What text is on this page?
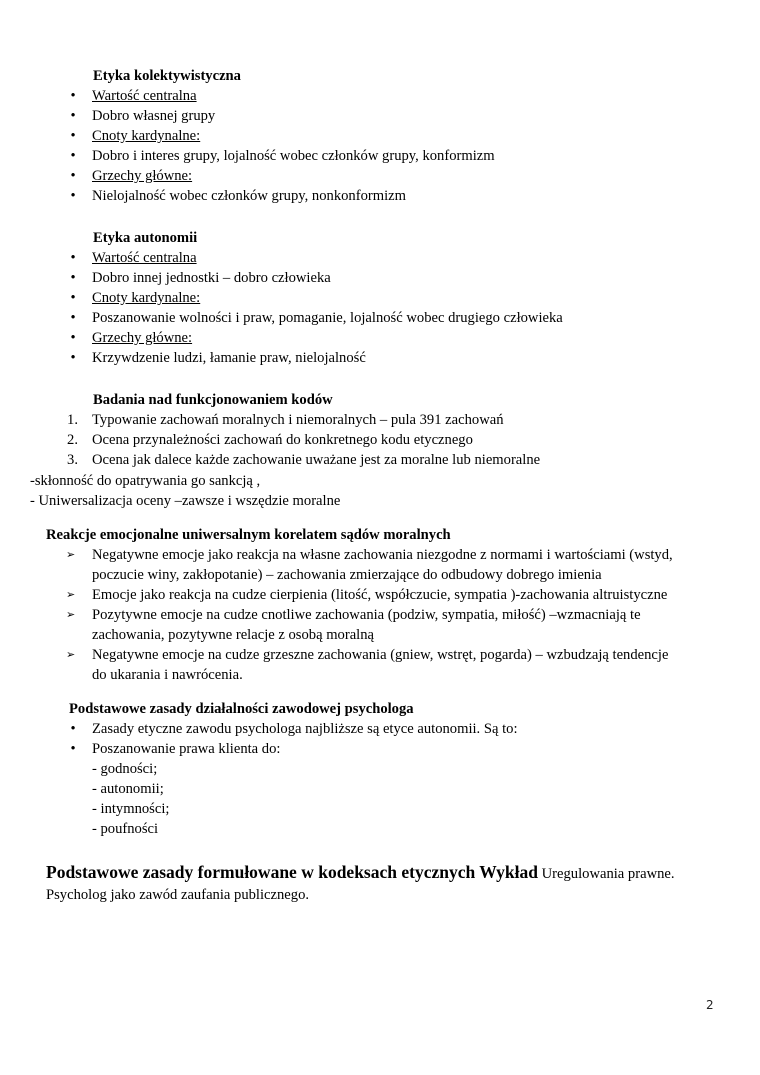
Etyka kolektywistyczna
• Wartość centralna
• Dobro własnej grupy
• Cnoty kardynalne:
• Dobro i interes grupy, lojalność wobec członków grupy, konformizm
• Grzechy główne:
• Nielojalność wobec członków grupy, nonkonformizm
Etyka autonomii
• Wartość centralna
• Dobro innej jednostki – dobro człowieka
• Cnoty kardynalne:
• Poszanowanie wolności i praw, pomaganie, lojalność wobec drugiego człowieka
• Grzechy główne:
• Krzywdzenie ludzi, łamanie praw, nielojalność
Badania nad funkcjonowaniem kodów
1. Typowanie zachowań moralnych i niemoralnych – pula 391 zachowań
2. Ocena przynależności zachowań do konkretnego kodu etycznego
3. Ocena jak dalece każde zachowanie uważane jest za moralne lub niemoralne
-skłonność do opatrywania go sankcją ,
- Uniwersalizacja oceny –zawsze i wszędzie moralne
Reakcje emocjonalne uniwersalnym korelatem sądów moralnych
➢ Negatywne emocje jako reakcja na własne zachowania niezgodne z normami i wartościami (wstyd,
poczucie winy, zakłopotanie) – zachowania zmierzające do odbudowy dobrego imienia
➢ Emocje jako reakcja na cudze cierpienia (litość, współczucie, sympatia )-zachowania altruistyczne
➢ Pozytywne emocje na cudze cnotliwe zachowania (podziw, sympatia, miłość) –wzmacniają te
zachowania, pozytywne relacje z osobą moralną
➢ Negatywne emocje na cudze grzeszne zachowania (gniew, wstręt, pogarda) – wzbudzają tendencje
do ukarania i nawrócenia.
Podstawowe zasady działalności zawodowej psychologa
• Zasady etyczne zawodu psychologa najbliższe są etyce autonomii. Są to:
• Poszanowanie prawa klienta do:
- godności;
- autonomii;
- intymności;
- poufności
Podstawowe zasady formułowane w kodeksach etycznych Wykład Uregulowania prawne.
Psycholog jako zawód zaufania publicznego.
2
